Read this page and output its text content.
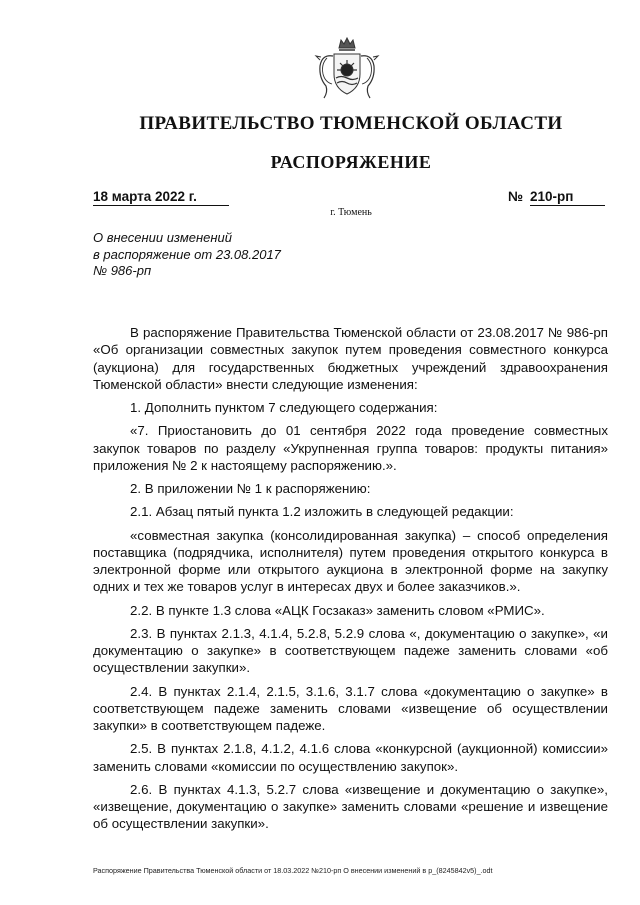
ПРАВИТЕЛЬСТВО ТЮМЕНСКОЙ ОБЛАСТИ
РАСПОРЯЖЕНИЕ
18 марта 2022 г.	№ 210-рп
г. Тюмень
О внесении изменений
в распоряжение от 23.08.2017
№ 986-рп

В распоряжение Правительства Тюменской области от 23.08.2017 № 986-рп «Об организации совместных закупок путем проведения совместного конкурса (аукциона) для государственных бюджетных учреждений здравоохранения Тюменской области» внести следующие изменения:

1. Дополнить пунктом 7 следующего содержания:

«7. Приостановить до 01 сентября 2022 года проведение совместных закупок товаров по разделу «Укрупненная группа товаров: продукты питания» приложения № 2 к настоящему распоряжению.».

2. В приложении № 1 к распоряжению:

2.1. Абзац пятый пункта 1.2 изложить в следующей редакции:

«совместная закупка (консолидированная закупка) – способ определения поставщика (подрядчика, исполнителя) путем проведения открытого конкурса в электронной форме или открытого аукциона в электронной форме на закупку одних и тех же товаров услуг в интересах двух и более заказчиков.».

2.2. В пункте 1.3 слова «АЦК Госзаказ» заменить словом «РМИС».

2.3. В пунктах 2.1.3, 4.1.4, 5.2.8, 5.2.9 слова «, документацию о закупке», «и документацию о закупке» в соответствующем падеже заменить словами «об осуществлении закупки».

2.4. В пунктах 2.1.4, 2.1.5, 3.1.6, 3.1.7 слова «документацию о закупке» в соответствующем падеже заменить словами «извещение об осуществлении закупки» в соответствующем падеже.

2.5. В пунктах 2.1.8, 4.1.2, 4.1.6 слова «конкурсной (аукционной) комиссии» заменить словами «комиссии по осуществлению закупок».

2.6. В пунктах 4.1.3, 5.2.7 слова «извещение и документацию о закупке», «извещение, документацию о закупке» заменить словами «решение и извещение об осуществлении закупки».

Распоряжение Правительства Тюменской области от 18.03.2022 №210-рп О внесении изменений в р_(8245842v5)_.odt
